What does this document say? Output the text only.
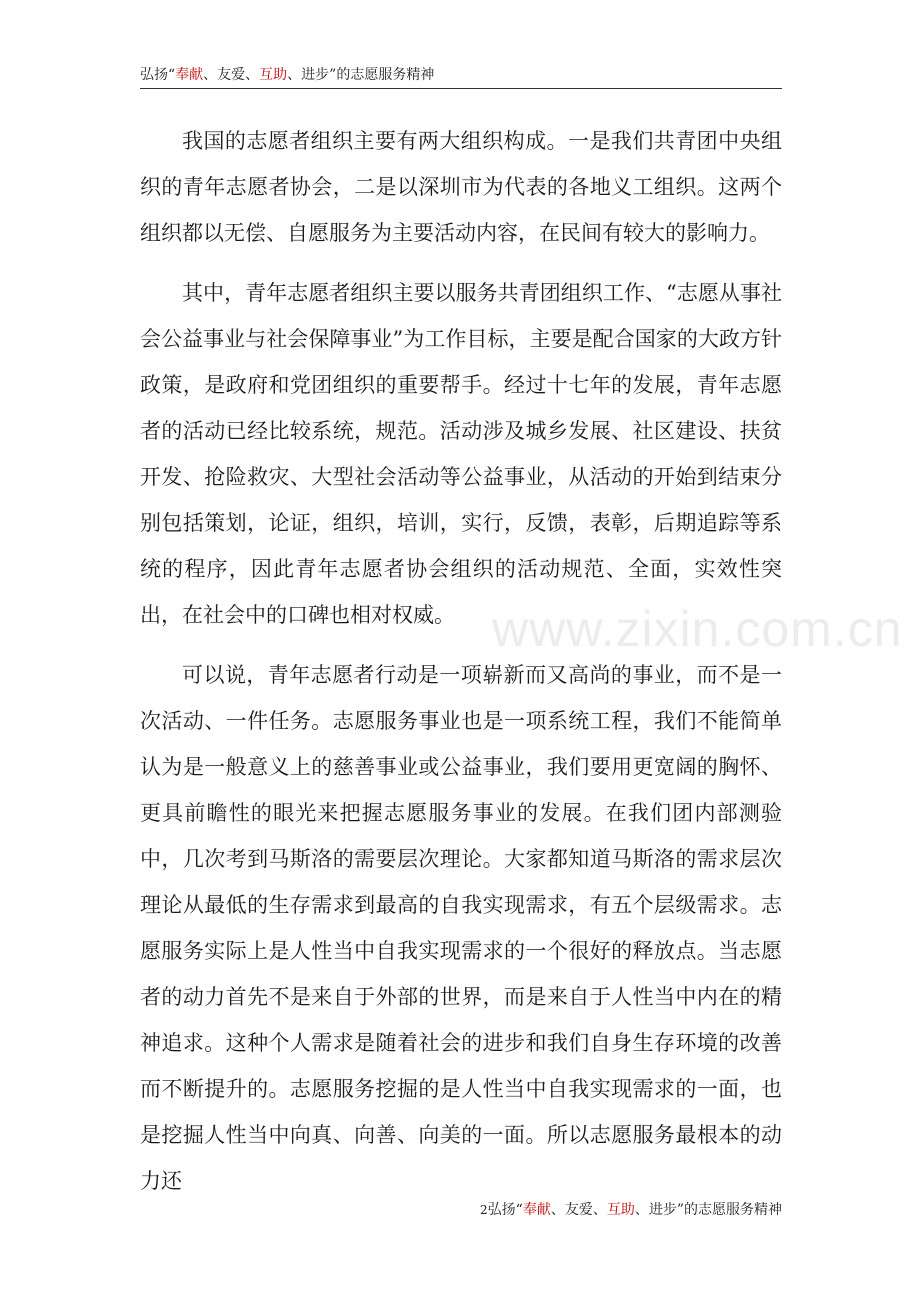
弘扬“奉献、友爱、互助、进步”的志愿服务精神

我国的志愿者组织主要有两大组织构成。一是我们共青团中央组织的青年志愿者协会，二是以深圳市为代表的各地义工组织。这两个组织都以无偿、自愿服务为主要活动内容，在民间有较大的影响力。

其中，青年志愿者组织主要以服务共青团组织工作、“志愿从事社会公益事业与社会保障事业”为工作目标，主要是配合国家的大政方针政策，是政府和党团组织的重要帮手。经过十七年的发展，青年志愿者的活动已经比较系统，规范。活动涉及城乡发展、社区建设、扶贫开发、抢险救灾、大型社会活动等公益事业，从活动的开始到结束分别包括策划，论证，组织，培训，实行，反馈，表彰，后期追踪等系统的程序，因此青年志愿者协会组织的活动规范、全面，实效性突出，在社会中的口碑也相对权威。

可以说，青年志愿者行动是一项崭新而又高尚的事业，而不是一次活动、一件任务。志愿服务事业也是一项系统工程，我们不能简单认为是一般意义上的慈善事业或公益事业，我们要用更宽阔的胸怀、更具前瞻性的眼光来把握志愿服务事业的发展。在我们团内部测验中，几次考到马斯洛的需要层次理论。大家都知道马斯洛的需求层次理论从最低的生存需求到最高的自我实现需求，有五个层级需求。志愿服务实际上是人性当中自我实现需求的一个很好的释放点。当志愿者的动力首先不是来自于外部的世界，而是来自于人性当中内在的精神追求。这种个人需求是随着社会的进步和我们自身生存环境的改善而不断提升的。志愿服务挖掘的是人性当中自我实现需求的一面，也是挖掘人性当中向真、向善、向美的一面。所以志愿服务最根本的动力还

www.zixin.com.cn
2弘扬“奉献、友爱、互助、进步”的志愿服务精神
